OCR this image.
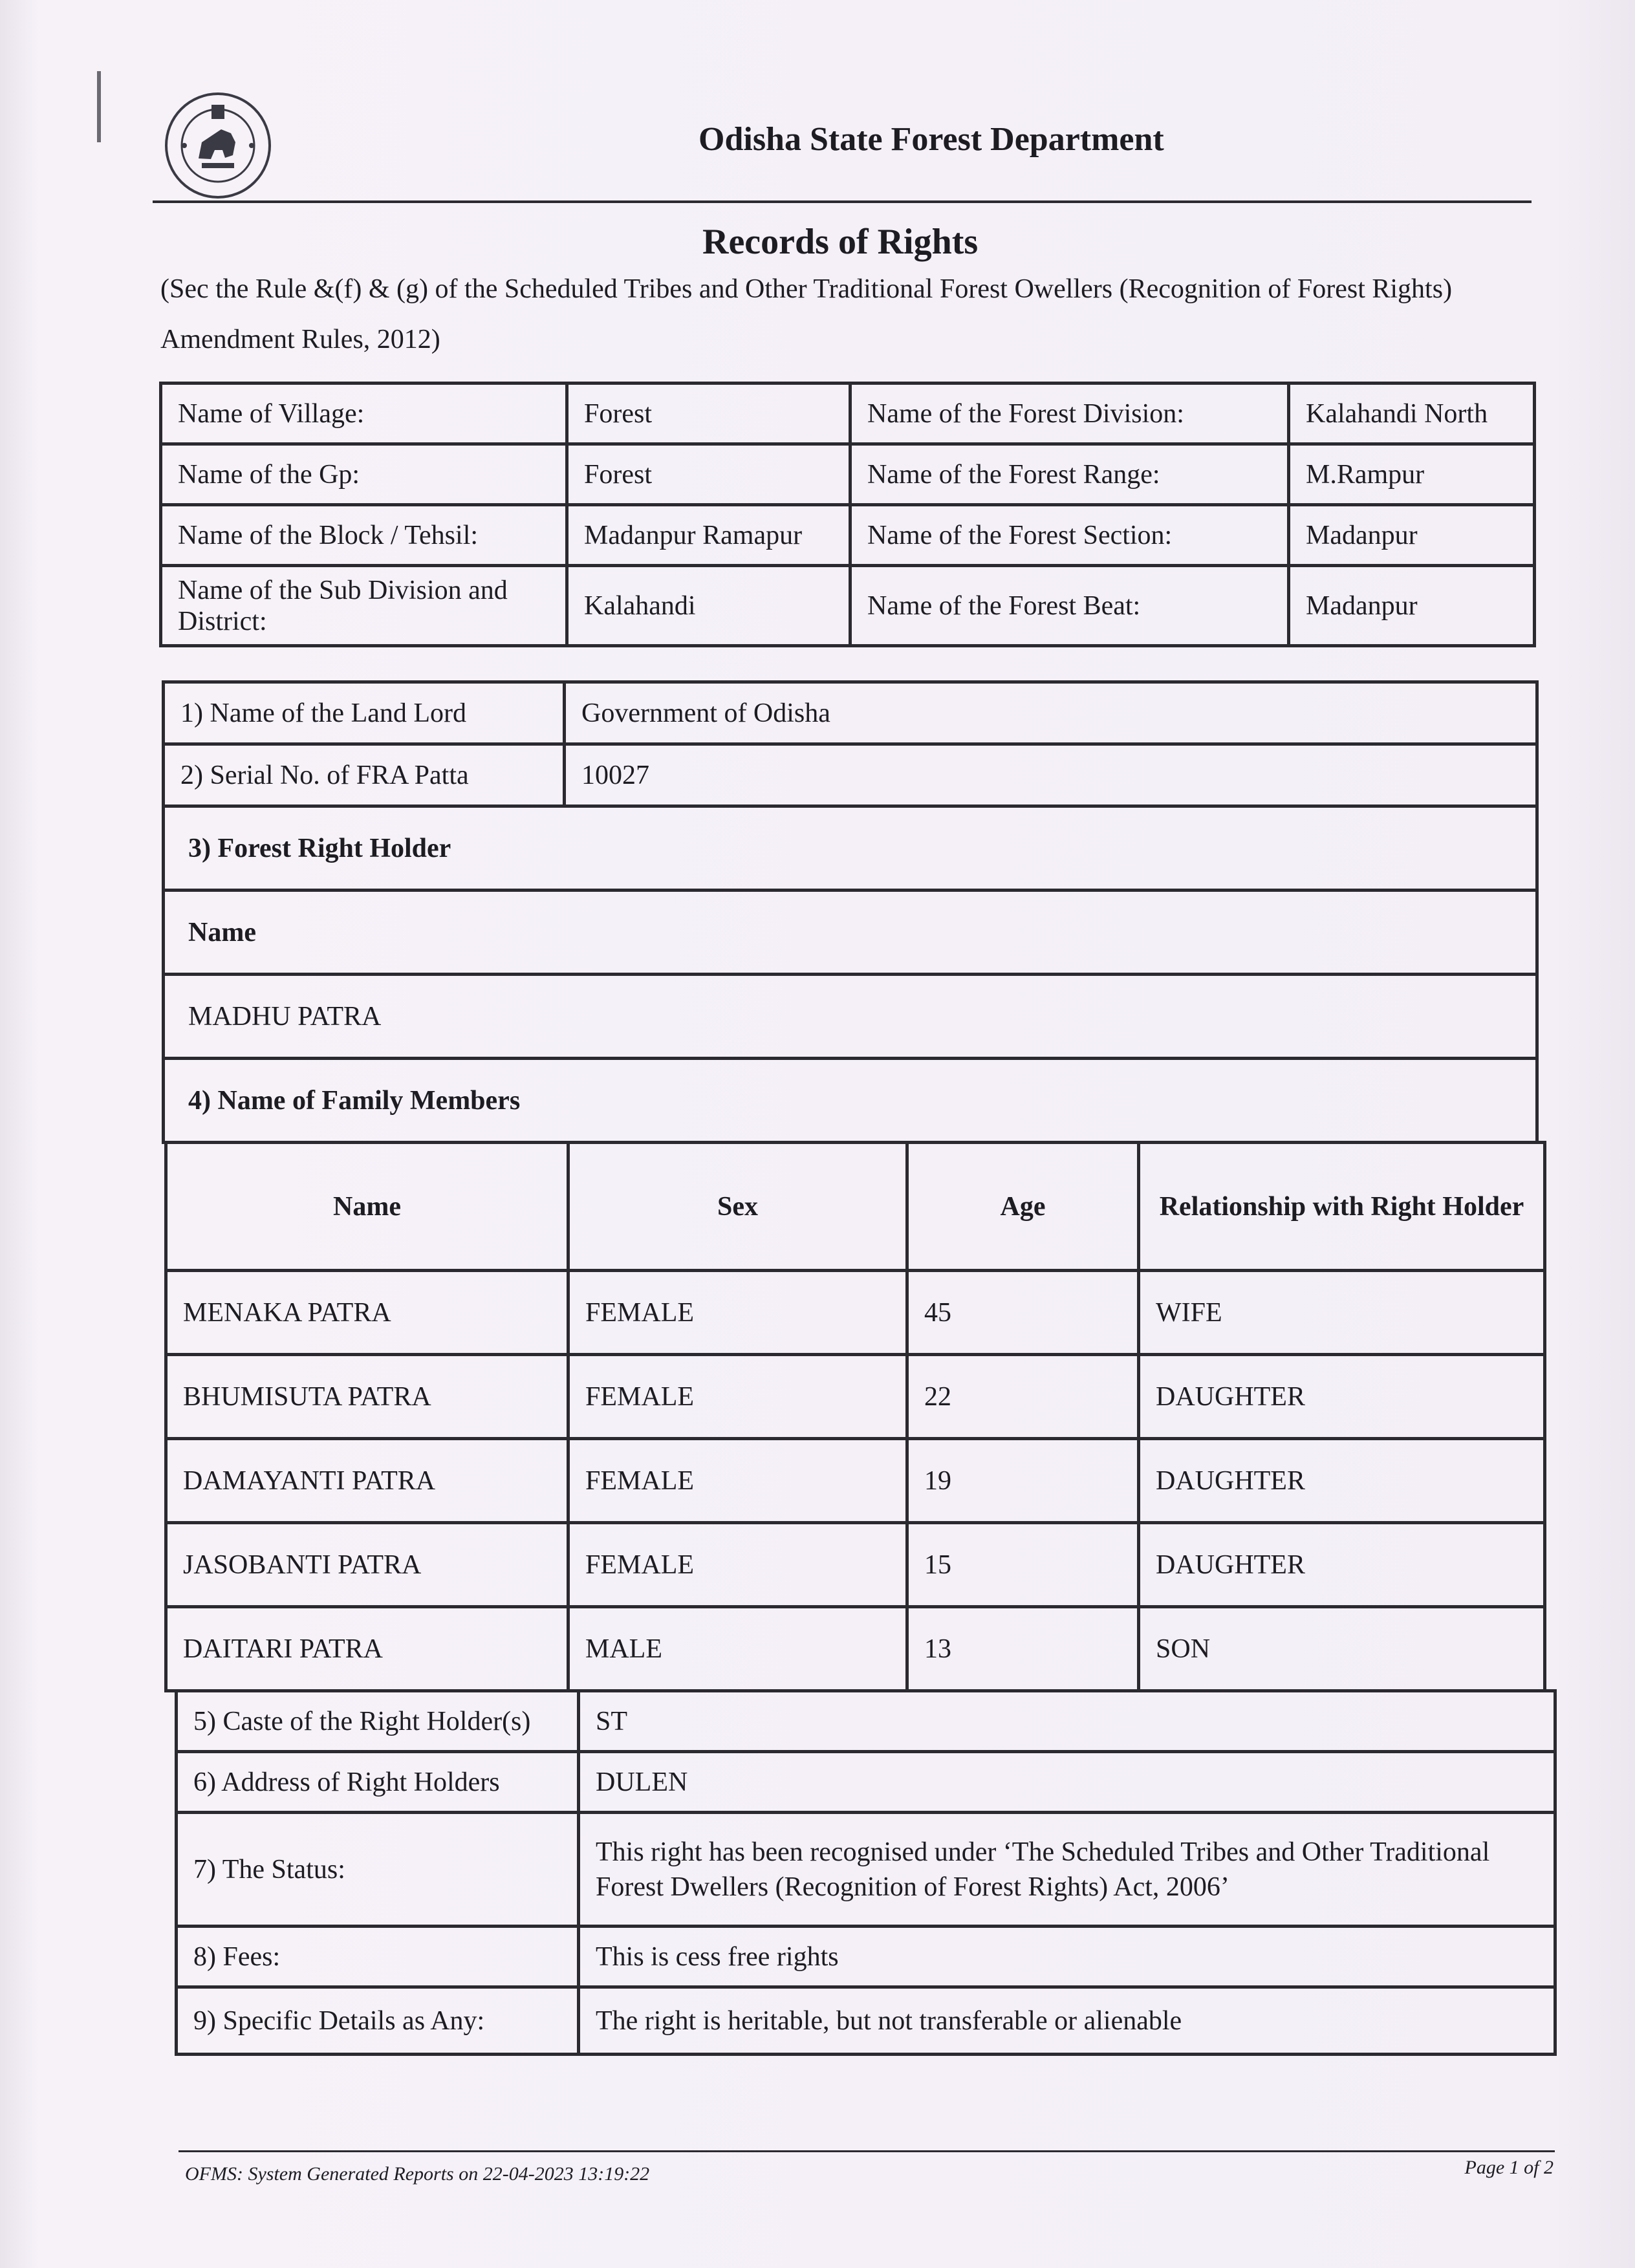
Odisha State Forest Department
Records of Rights
(Sec the Rule &(f) & (g) of the Scheduled Tribes and Other Traditional Forest Owellers (Recognition of Forest Rights) Amendment Rules, 2012)
Name of Village:	Forest	Name of the Forest Division:	Kalahandi North
Name of the Gp:	Forest	Name of the Forest Range:	M.Rampur
Name of the Block / Tehsil:	Madanpur Ramapur	Name of the Forest Section:	Madanpur
Name of the Sub Division and District:	Kalahandi	Name of the Forest Beat:	Madanpur
1) Name of the Land Lord	Government of Odisha
2) Serial No. of FRA Patta	10027
3) Forest Right Holder	
Name	
MADHU PATRA	
4) Name of Family Members	
Name	Sex	Age	Relationship with Right Holder
MENAKA PATRA	FEMALE	45	WIFE
BHUMISUTA PATRA	FEMALE	22	DAUGHTER
DAMAYANTI PATRA	FEMALE	19	DAUGHTER
JASOBANTI PATRA	FEMALE	15	DAUGHTER
DAITARI PATRA	MALE	13	SON
5) Caste of the Right Holder(s)	ST
6) Address of Right Holders	DULEN
7) The Status:	This right has been recognised under ‘The Scheduled Tribes and Other Traditional Forest Dwellers (Recognition of Forest Rights) Act, 2006’
8) Fees:	This is cess free rights
9) Specific Details as Any:	The right is heritable, but not transferable or alienable
OFMS: System Generated Reports on 22-04-2023 13:19:22	Page 1 of 2
